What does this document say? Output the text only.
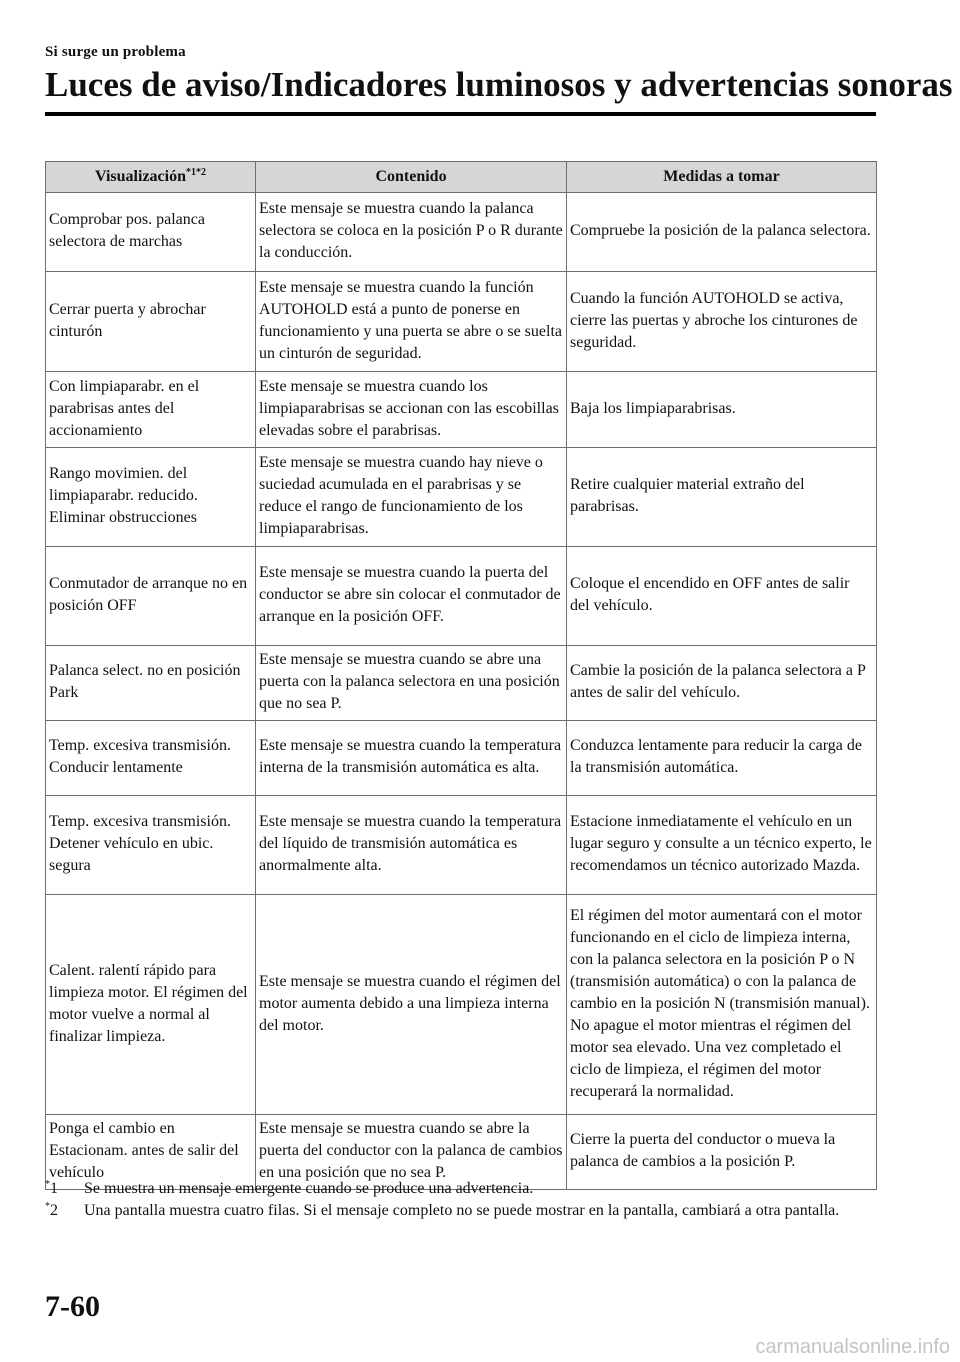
Si surge un problema
Luces de aviso/Indicadores luminosos y advertencias sonoras
Visualización$^{*1*2}$	Contenido	Medidas a tomar
Comprobar pos. palanca selectora de marchas	Este mensaje se muestra cuando la palanca selectora se coloca en la posición P o R durante la conducción.	Compruebe la posición de la palanca selectora.
Cerrar puerta y abrochar cinturón	Este mensaje se muestra cuando la función AUTOHOLD está a punto de ponerse en funcionamiento y una puerta se abre o se suelta un cinturón de seguridad.	Cuando la función AUTOHOLD se activa, cierre las puertas y abroche los cinturones de seguridad.
Con limpiaparabr. en el parabrisas antes del accionamiento	Este mensaje se muestra cuando los limpiaparabrisas se accionan con las escobillas elevadas sobre el parabrisas.	Baja los limpiaparabrisas.
Rango movimien. del limpiaparabr. reducido. Eliminar obstrucciones	Este mensaje se muestra cuando hay nieve o suciedad acumulada en el parabrisas y se reduce el rango de funcionamiento de los limpiaparabrisas.	Retire cualquier material extraño del parabrisas.
Conmutador de arranque no en posición OFF	Este mensaje se muestra cuando la puerta del conductor se abre sin colocar el conmutador de arranque en la posición OFF.	Coloque el encendido en OFF antes de salir del vehículo.
Palanca select. no en posición Park	Este mensaje se muestra cuando se abre una puerta con la palanca selectora en una posición que no sea P.	Cambie la posición de la palanca selectora a P antes de salir del vehículo.
Temp. excesiva transmisión. Conducir lentamente	Este mensaje se muestra cuando la temperatura interna de la transmisión automática es alta.	Conduzca lentamente para reducir la carga de la transmisión automática.
Temp. excesiva transmisión. Detener vehículo en ubic. segura	Este mensaje se muestra cuando la temperatura del líquido de transmisión automática es anormalmente alta.	Estacione inmediatamente el vehículo en un lugar seguro y consulte a un técnico experto, le recomendamos un técnico autorizado Mazda.
Calent. ralentí rápido para limpieza motor. El régimen del motor vuelve a normal al finalizar limpieza.	Este mensaje se muestra cuando el régimen del motor aumenta debido a una limpieza interna del motor.	El régimen del motor aumentará con el motor funcionando en el ciclo de limpieza interna, con la palanca selectora en la posición P o N (transmisión automática) o con la palanca de cambio en la posición N (transmisión manual). No apague el motor mientras el régimen del motor sea elevado. Una vez completado el ciclo de limpieza, el régimen del motor recuperará la normalidad.
Ponga el cambio en Estacionam. antes de salir del vehículo	Este mensaje se muestra cuando se abre la puerta del conductor con la palanca de cambios en una posición que no sea P.	Cierre la puerta del conductor o mueva la palanca de cambios a la posición P.
*1 Se muestra un mensaje emergente cuando se produce una advertencia.
*2 Una pantalla muestra cuatro filas. Si el mensaje completo no se puede mostrar en la pantalla, cambiará a otra pantalla.
7-60
carmanualsonline.info
